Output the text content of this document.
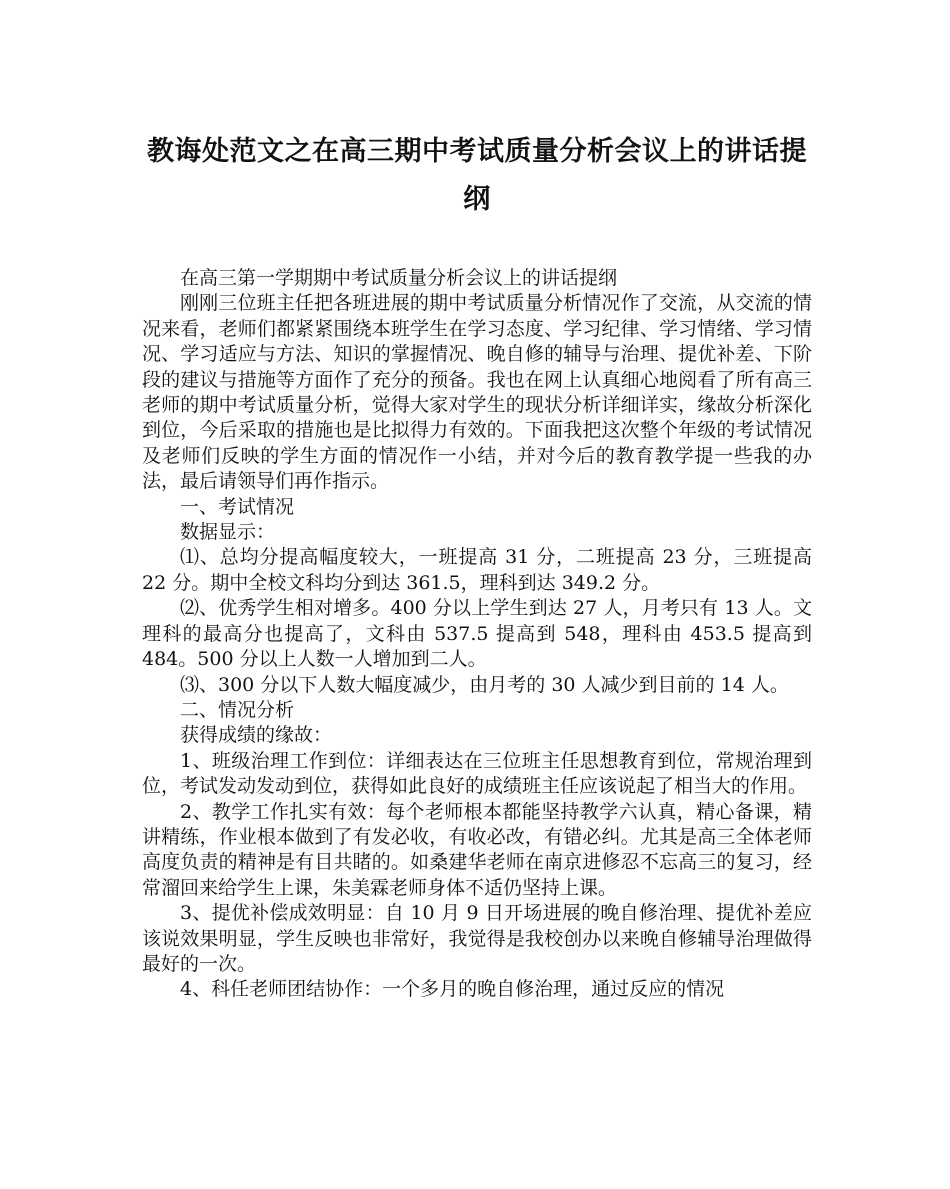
教诲处范文之在高三期中考试质量分析会议上的讲话提纲

在高三第一学期期中考试质量分析会议上的讲话提纲

刚刚三位班主任把各班进展的期中考试质量分析情况作了交流，从交流的情况来看，老师们都紧紧围绕本班学生在学习态度、学习纪律、学习情绪、学习情况、学习适应与方法、知识的掌握情况、晚自修的辅导与治理、提优补差、下阶段的建议与措施等方面作了充分的预备。我也在网上认真细心地阅看了所有高三老师的期中考试质量分析，觉得大家对学生的现状分析详细详实，缘故分析深化到位，今后采取的措施也是比拟得力有效的。下面我把这次整个年级的考试情况及老师们反映的学生方面的情况作一小结，并对今后的教育教学提一些我的办法，最后请领导们再作指示。

一、考试情况

数据显示：

⑴、总均分提高幅度较大，一班提高 31 分，二班提高 23 分，三班提高 22 分。期中全校文科均分到达 361.5，理科到达 349.2 分。

⑵、优秀学生相对增多。400 分以上学生到达 27 人，月考只有 13 人。文理科的最高分也提高了，文科由 537.5 提高到 548，理科由 453.5 提高到 484。500 分以上人数一人增加到二人。

⑶、300 分以下人数大幅度减少，由月考的 30 人减少到目前的 14 人。

二、情况分析

获得成绩的缘故：

1、班级治理工作到位：详细表达在三位班主任思想教育到位，常规治理到位，考试发动发动到位，获得如此良好的成绩班主任应该说起了相当大的作用。

2、教学工作扎实有效：每个老师根本都能坚持教学六认真，精心备课，精讲精练，作业根本做到了有发必收，有收必改，有错必纠。尤其是高三全体老师高度负责的精神是有目共睹的。如桑建华老师在南京进修忍不忘高三的复习，经常溜回来给学生上课，朱美霖老师身体不适仍坚持上课。

3、提优补偿成效明显：自 10 月 9 日开场进展的晚自修治理、提优补差应该说效果明显，学生反映也非常好，我觉得是我校创办以来晚自修辅导治理做得最好的一次。

4、科任老师团结协作：一个多月的晚自修治理，通过反应的情况
